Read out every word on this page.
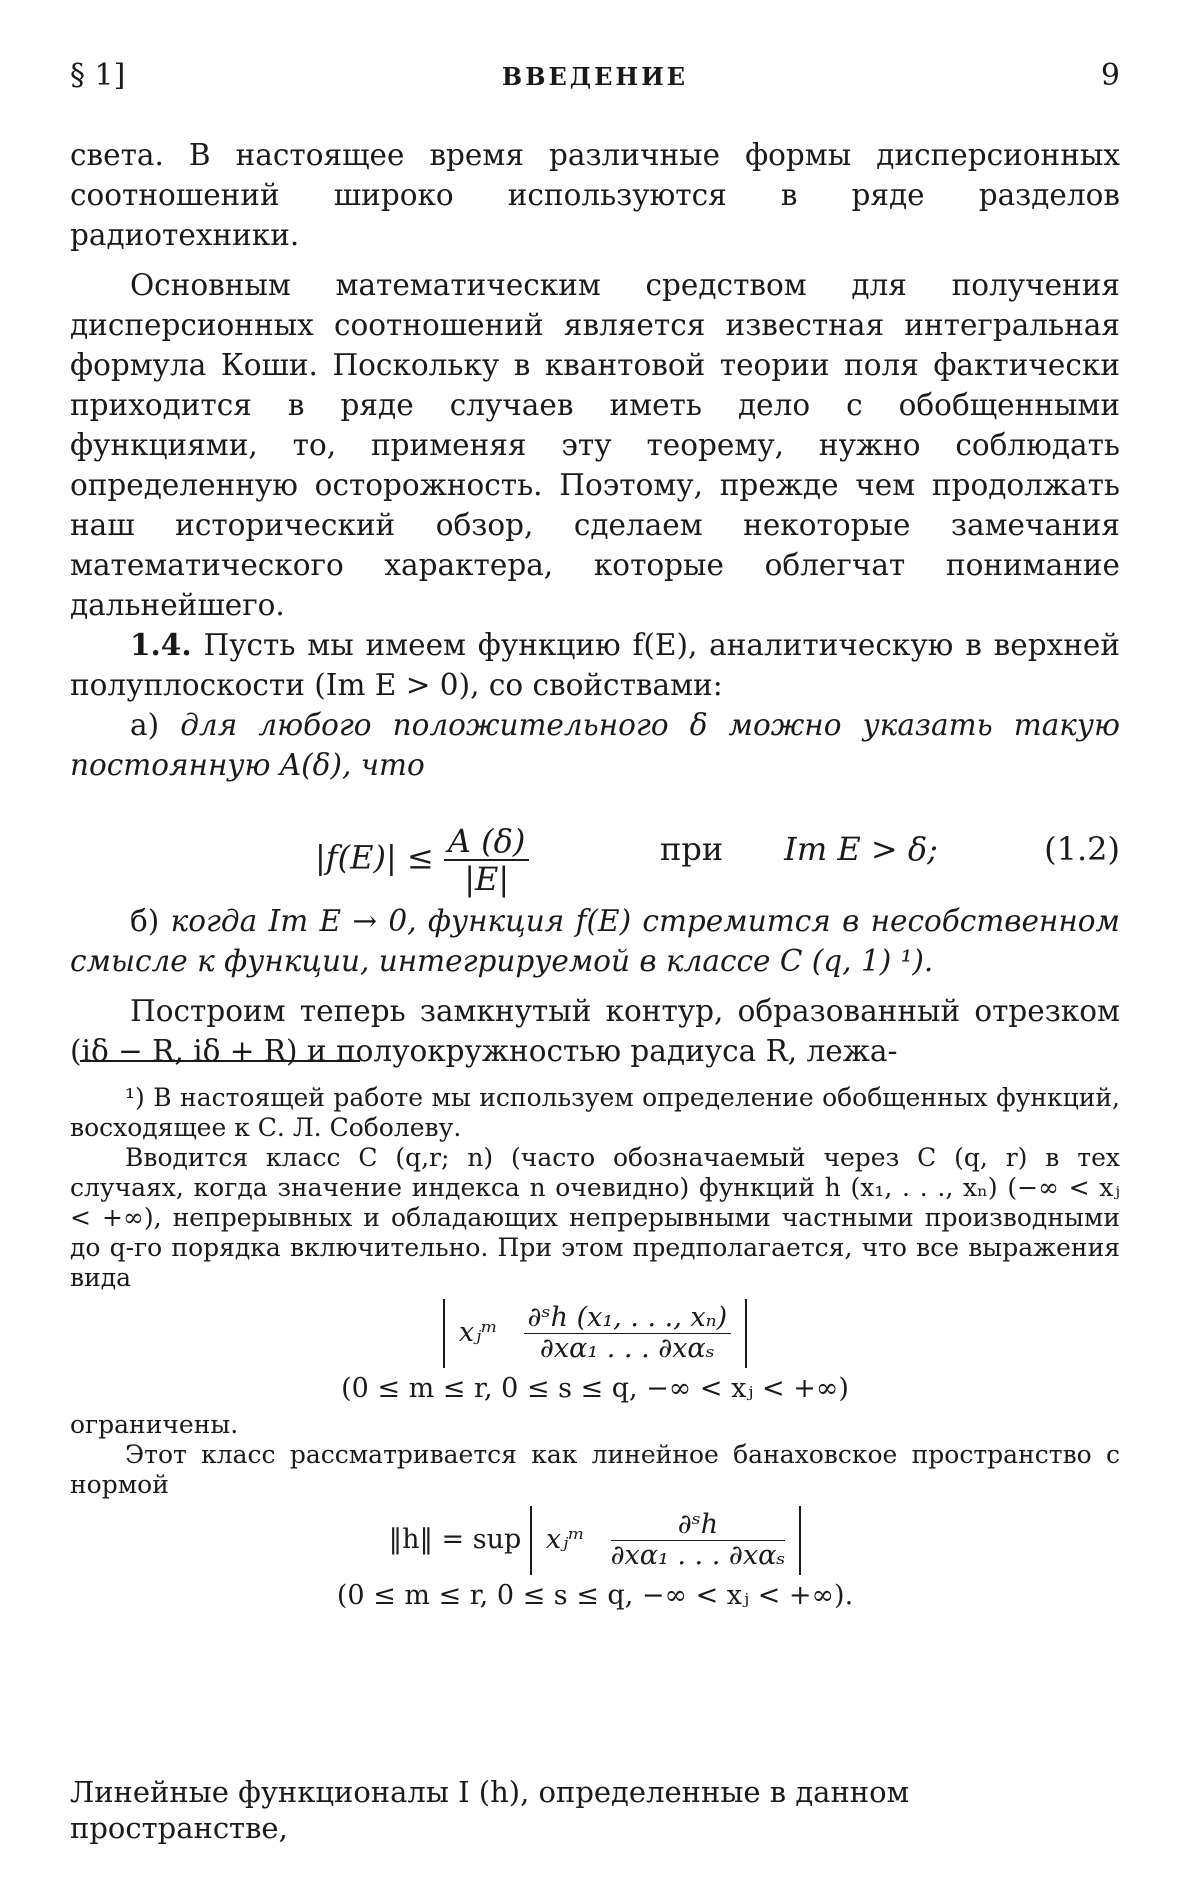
§ 1]	ВВЕДЕНИЕ	9

света. В настоящее время различные формы дисперсионных соотношений широко используются в ряде разделов радиотехники.

Основным математическим средством для получения дисперсионных соотношений является известная интегральная формула Коши. Поскольку в квантовой теории поля фактически приходится в ряде случаев иметь дело с обобщенными функциями, то, применяя эту теорему, нужно соблюдать определенную осторожность. Поэтому, прежде чем продолжать наш исторический обзор, сделаем некоторые замечания математического характера, которые облегчат понимание дальнейшего.

1.4. Пусть мы имеем функцию f(E), аналитическую в верхней полуплоскости (Im E > 0), со свойствами:

а) для любого положительного δ можно указать такую постоянную A(δ), что

$|f(E)| \le \frac{A (\delta)}{|E|}$	при Im E > δ;	(1.2)

б) когда Im E → 0, функция f(E) стремится в несобственном смысле к функции, интегрируемой в классе C (q, 1) ¹).

Построим теперь замкнутый контур, образованный отрезком (iδ − R, iδ + R) и полуокружностью радиуса R, лежа-

¹) В настоящей работе мы используем определение обобщенных функций, восходящее к С. Л. Соболеву.

Вводится класс C (q,r; n) (часто обозначаемый через C (q, r) в тех случаях, когда значение индекса n очевидно) функций h (x₁, . . ., xₙ) (−∞ < xⱼ < +∞), непрерывных и обладающих непрерывными частными производными до q-го порядка включительно. При этом предполагается, что все выражения вида

xⱼᵐ $\frac{\text{∂ˢh (x₁, . . ., xₙ)}}{\text{∂xα₁ . . . ∂xαₛ}}$
(0 ≤ m ≤ r, 0 ≤ s ≤ q, −∞ < xⱼ < +∞)

ограничены.

Этот класс рассматривается как линейное банаховское пространство с нормой

‖h‖ = sup xⱼᵐ $\frac{\text{∂ˢh}}{\text{∂xα₁ . . . ∂xαₛ}}$
(0 ≤ m ≤ r, 0 ≤ s ≤ q, −∞ < xⱼ < +∞).
Линейные функционалы I (h), определенные в данном пространстве,
